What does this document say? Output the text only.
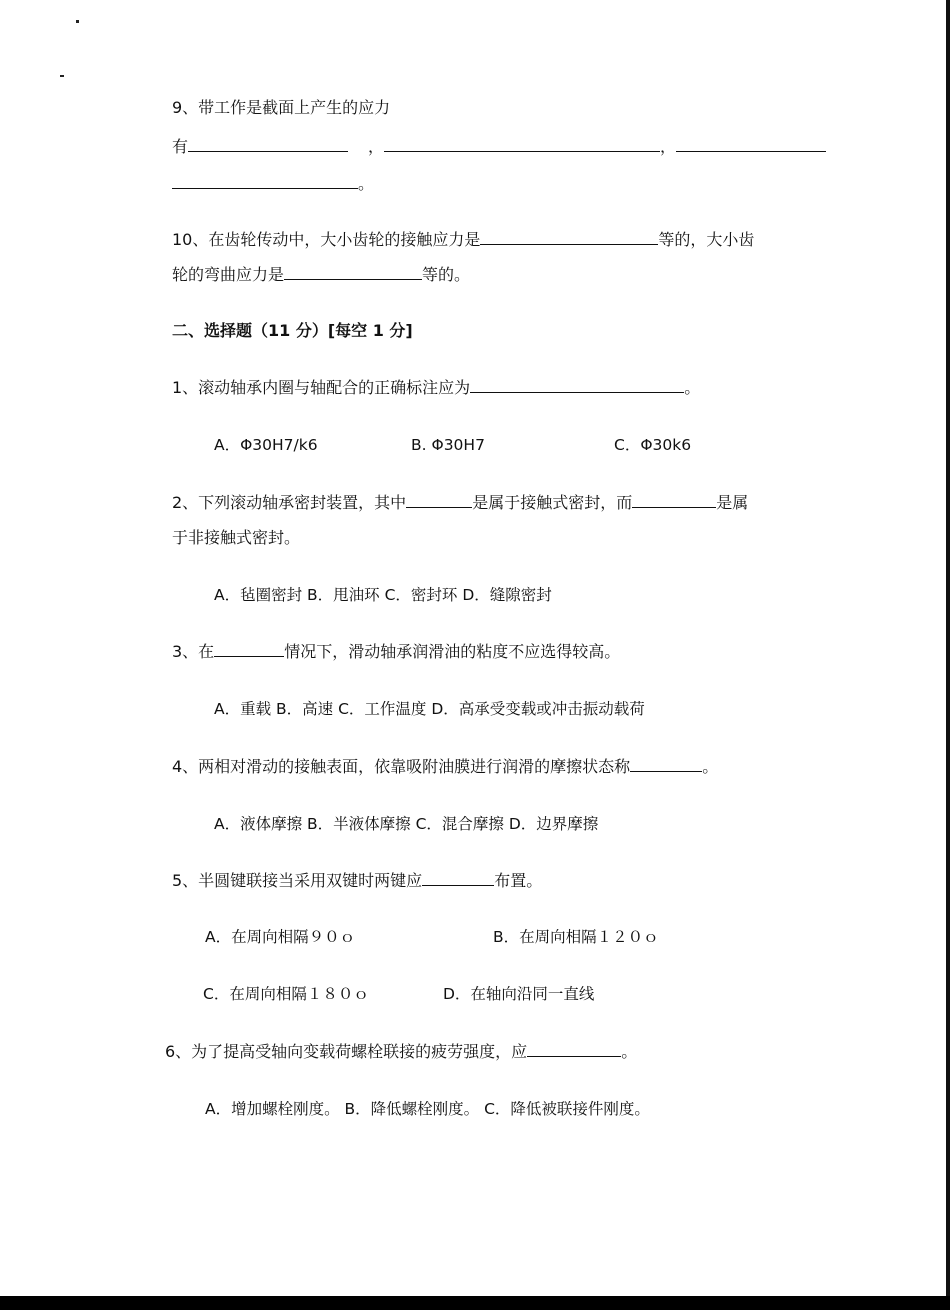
9、带工作是截面上产生的应力
有	，	，
。
10、在齿轮传动中，大小齿轮的接触应力是	等的，大小齿
轮的弯曲应力是	等的。
二、选择题（11 分）[每空 1 分]
1、滚动轴承内圈与轴配合的正确标注应为	。
A．Φ30H7/k6	B. Φ30H7	C．Φ30k6
2、下列滚动轴承密封装置，其中	是属于接触式密封，而	是属
于非接触式密封。
A．毡圈密封 B．甩油环 C．密封环 D．缝隙密封
3、在	情况下，滑动轴承润滑油的粘度不应选得较高。
A．重载 B．高速 C．工作温度 D．高承受变载或冲击振动载荷
4、两相对滑动的接触表面，依靠吸附油膜进行润滑的摩擦状态称	。
A．液体摩擦 B．半液体摩擦 C．混合摩擦 D．边界摩擦
5、半圆键联接当采用双键时两键应	布置。
A．在周向相隔９０ｏ	B．在周向相隔１２０ｏ
C．在周向相隔１８０ｏ	D．在轴向沿同一直线
6、为了提高受轴向变载荷螺栓联接的疲劳强度，应	。
A．增加螺栓刚度。 B．降低螺栓刚度。 C．降低被联接件刚度。
